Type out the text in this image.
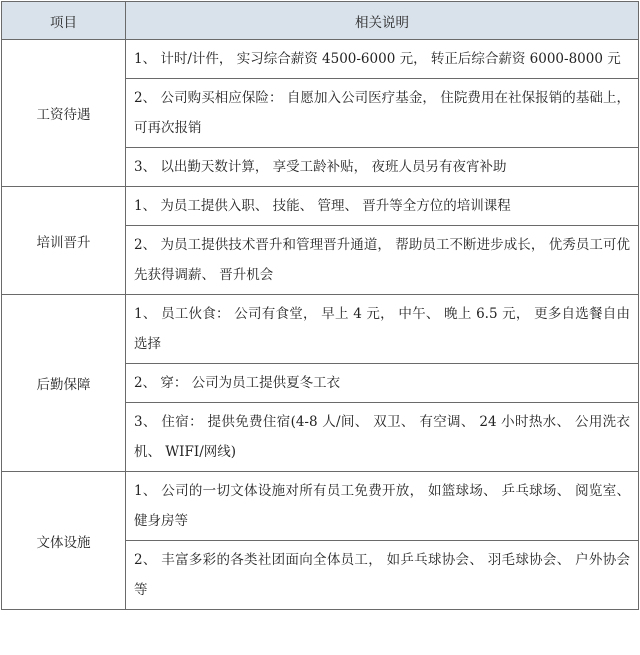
项目	相关说明
工资待遇	1、 计时/计件， 实习综合薪资 4500-6000 元， 转正后综合薪资 6000-8000 元
	2、 公司购买相应保险： 自愿加入公司医疗基金， 住院费用在社保报销的基础上， 可再次报销
	3、 以出勤天数计算， 享受工龄补贴， 夜班人员另有夜宵补助
培训晋升	1、 为员工提供入职、 技能、 管理、 晋升等全方位的培训课程
	2、 为员工提供技术晋升和管理晋升通道， 帮助员工不断进步成长， 优秀员工可优先获得调薪、 晋升机会
后勤保障	1、 员工伙食： 公司有食堂， 早上 4 元， 中午、 晚上 6.5 元， 更多自选餐自由选择
	2、 穿： 公司为员工提供夏冬工衣
	3、 住宿： 提供免费住宿(4-8 人/间、 双卫、 有空调、 24 小时热水、 公用洗衣机、 WIFI/网线)
文体设施	1、 公司的一切文体设施对所有员工免费开放， 如篮球场、 乒乓球场、 阅览室、 健身房等
	2、 丰富多彩的各类社团面向全体员工， 如乒乓球协会、 羽毛球协会、 户外协会等
